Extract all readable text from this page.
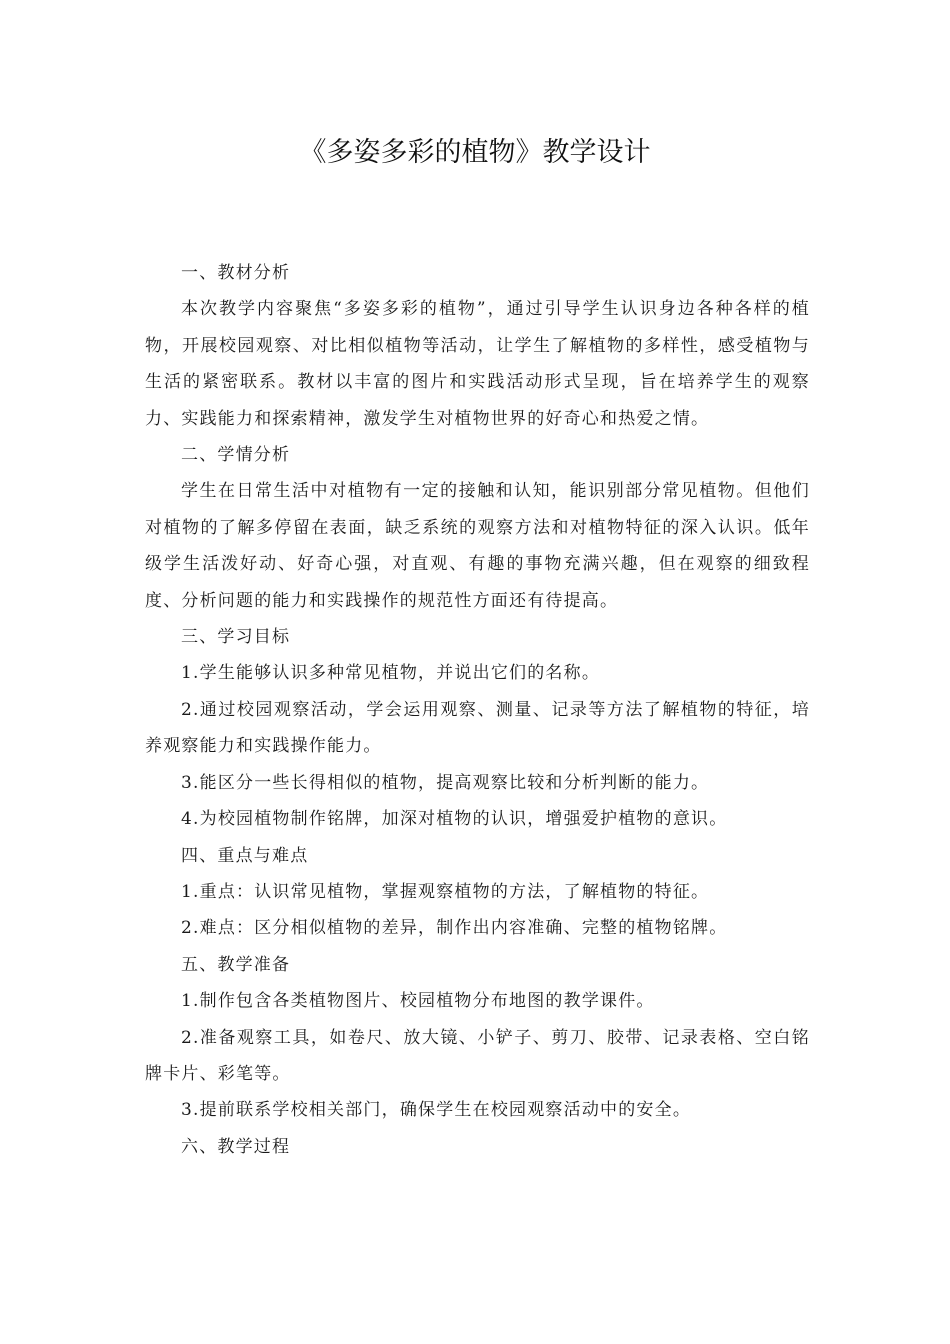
《多姿多彩的植物》教学设计

一、教材分析

本次教学内容聚焦“多姿多彩的植物”，通过引导学生认识身边各种各样的植物，开展校园观察、对比相似植物等活动，让学生了解植物的多样性，感受植物与生活的紧密联系。教材以丰富的图片和实践活动形式呈现，旨在培养学生的观察力、实践能力和探索精神，激发学生对植物世界的好奇心和热爱之情。

二、学情分析

学生在日常生活中对植物有一定的接触和认知，能识别部分常见植物。但他们对植物的了解多停留在表面，缺乏系统的观察方法和对植物特征的深入认识。低年级学生活泼好动、好奇心强，对直观、有趣的事物充满兴趣，但在观察的细致程度、分析问题的能力和实践操作的规范性方面还有待提高。

三、学习目标

1.学生能够认识多种常见植物，并说出它们的名称。

2.通过校园观察活动，学会运用观察、测量、记录等方法了解植物的特征，培养观察能力和实践操作能力。

3.能区分一些长得相似的植物，提高观察比较和分析判断的能力。

4.为校园植物制作铭牌，加深对植物的认识，增强爱护植物的意识。

四、重点与难点

1.重点：认识常见植物，掌握观察植物的方法，了解植物的特征。

2.难点：区分相似植物的差异，制作出内容准确、完整的植物铭牌。

五、教学准备

1.制作包含各类植物图片、校园植物分布地图的教学课件。

2.准备观察工具，如卷尺、放大镜、小铲子、剪刀、胶带、记录表格、空白铭牌卡片、彩笔等。

3.提前联系学校相关部门，确保学生在校园观察活动中的安全。

六、教学过程
